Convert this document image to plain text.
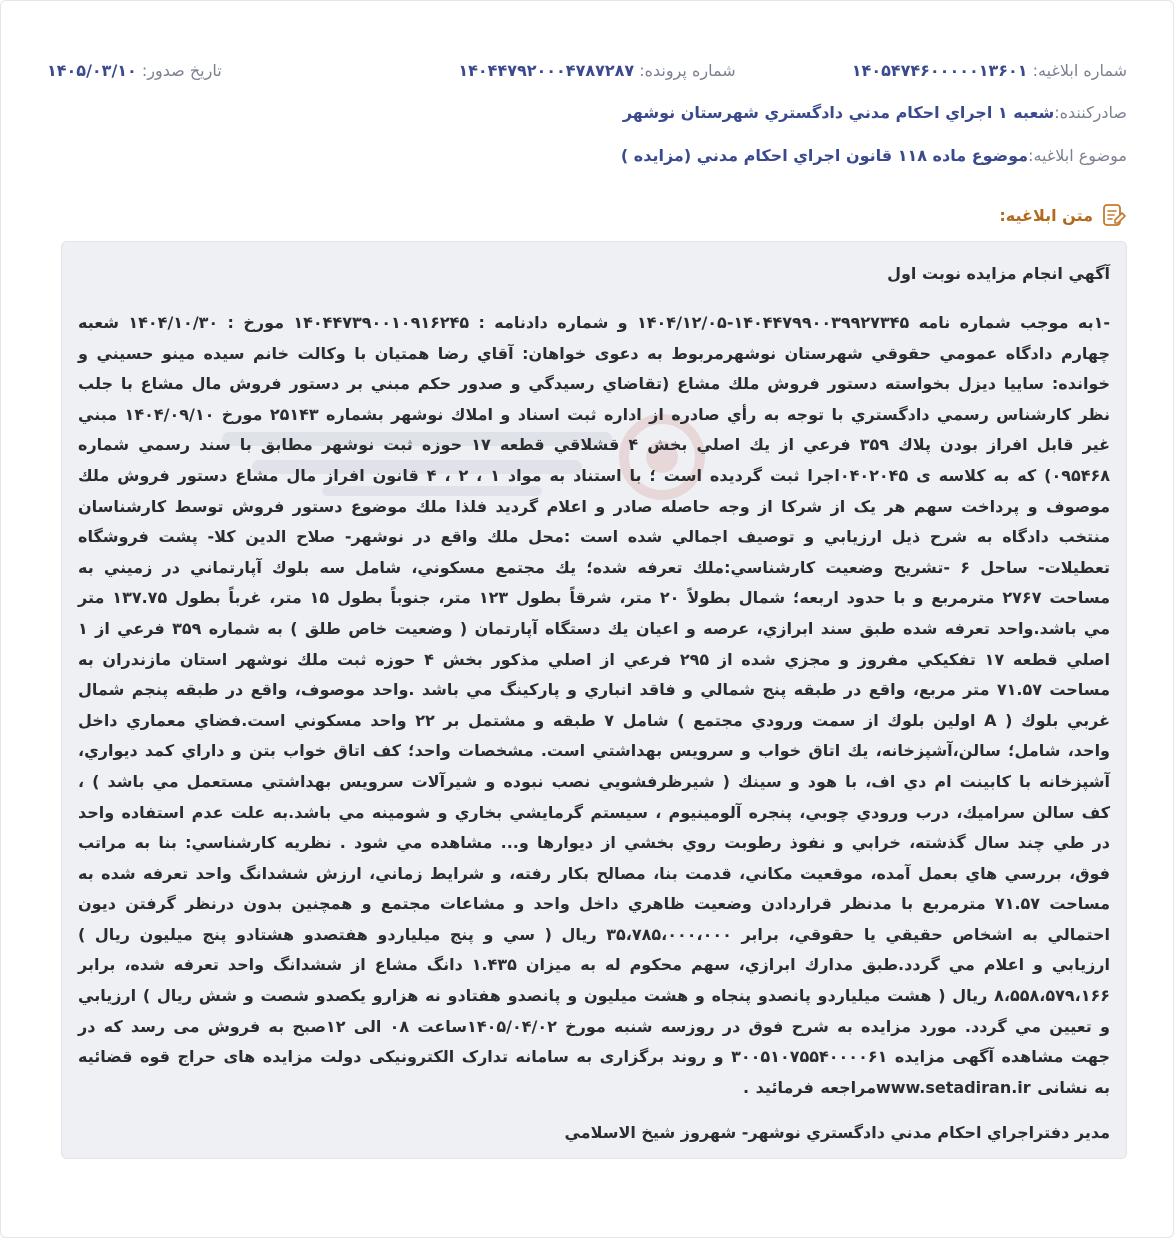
شماره ابلاغيه: ۱۴۰۵۴۷۴۶۰۰۰۰۰۱۳۶۰۱
شماره پرونده: ۱۴۰۴۴۷۹۲۰۰۰۴۷۸۷۲۸۷
تاريخ صدور: ۱۴۰۵/۰۳/۱۰
صادرکننده:
شعبه ۱ اجراي احکام مدني دادگستري شهرستان نوشهر
موضوع ابلاغيه:
موضوع ماده ۱۱۸ قانون اجراي احکام مدني (مزايده )
متن ابلاغيه:
آگهي انجام مزايده نوبت اول

-۱به موجب شماره نامه ۱۴۰۴۴۷۹۹۰۰۳۹۹۲۷۳۴۵-۱۴۰۴/۱۲/۰۵ و شماره دادنامه : ۱۴۰۴۴۷۳۹۰۰۱۰۹۱۶۲۴۵ مورخ : ۱۴۰۴/۱۰/۳۰ شعبه چهارم دادگاه عمومي حقوقي شهرستان نوشهرمربوط به دعوى خواهان: آقاي رضا همتيان با وکالت خانم سيده مينو حسيني و خوانده: ساييا ديزل بخواسته دستور فروش ملك مشاع (تقاضاي رسيدگي و صدور حكم مبني بر دستور فروش مال مشاع با جلب نظر كارشناس رسمي دادگستري با توجه به رأي صادره از اداره ثبت اسناد و املاك نوشهر بشماره ۲۵۱۴۳ مورخ ۱۴۰۴/۰۹/۱۰ مبني غير قابل افراز بودن پلاك ۳۵۹ فرعي از يك اصلي بخش ۴ قشلاقي قطعه ۱۷ حوزه ثبت نوشهر مطابق با سند رسمي شماره ۰۹۵۴۶۸) كه به كلاسه ی ۰۴۰۲۰۴۵اجرا ثبت گرديده است ؛ با استناد به مواد ۱ ، ۲ ، ۴ قانون افراز مال مشاع دستور فروش ملك موصوف و پرداخت سهم هر يک از شركا از وجه حاصله صادر و اعلام گرديد فلذا ملك موضوع دستور فروش توسط كارشناسان منتخب دادگاه به شرح ذيل ارزيابي و توصيف اجمالي شده است :محل ملك واقع در نوشهر- صلاح الدين كلا- پشت فروشگاه تعطيلات- ساحل ۶ -تشريح وضعيت كارشناسي:ملك تعرفه شده؛ يك مجتمع مسكوني، شامل سه بلوك آپارتماني در زميني به مساحت ۲۷۶۷ مترمربع و با حدود اربعه؛ شمال بطولاً ۲۰ متر، شرقاً بطول ۱۲۳ متر، جنوباً بطول ۱۵ متر، غرباً بطول ۱۳۷.۷۵ متر مي باشد.واحد تعرفه شده طبق سند ابرازي، عرصه و اعيان يك دستگاه آپارتمان ( وضعيت خاص طلق ) به شماره ۳۵۹ فرعي از ۱ اصلي قطعه ۱۷ تفكيكي مفروز و مجزي شده از ۲۹۵ فرعي از اصلي مذكور بخش ۴ حوزه ثبت ملك نوشهر استان مازندران به مساحت ۷۱.۵۷ متر مربع، واقع در طبقه پنج شمالي و فاقد انباري و پاركينگ مي باشد .واحد موصوف، واقع در طبقه پنجم شمال غربي بلوك ( A اولين بلوك از سمت ورودي مجتمع ) شامل ۷ طبقه و مشتمل بر ۲۲ واحد مسكوني است.فضاي معماري داخل واحد، شامل؛ سالن،آشپزخانه، يك اتاق خواب و سرويس بهداشتي است. مشخصات واحد؛ كف اتاق خواب بتن و داراي كمد ديواري، آشپزخانه با كابينت ام دي اف، با هود و سينك ( شيرظرفشويي نصب نبوده و شيرآلات سرويس بهداشتي مستعمل مي باشد ) ، كف سالن سراميك، درب ورودي چوبي، پنجره آلومينيوم ، سيستم گرمايشي بخاري و شومينه مي باشد.به علت عدم استفاده واحد در طي چند سال گذشته، خرابي و نفوذ رطوبت روي بخشي از ديوارها و... مشاهده مي شود . نظريه كارشناسي: بنا به مراتب فوق، بررسي هاي بعمل آمده، موقعيت مكاني، قدمت بنا، مصالح بكار رفته، و شرايط زماني، ارزش ششدانگ واحد تعرفه شده به مساحت ۷۱.۵۷ مترمربع با مدنظر قراردادن وضعيت ظاهري داخل واحد و مشاعات مجتمع و همچنين بدون درنظر گرفتن ديون احتمالي به اشخاص حقيقي يا حقوقي، برابر ۳۵،۷۸۵،۰۰۰،۰۰۰ ريال ( سي و پنج ميلياردو هفتصدو هشتادو پنج ميليون ريال ) ارزيابي و اعلام مي گردد.طبق مدارك ابرازي، سهم محكوم له به ميزان ۱.۴۳۵ دانگ مشاع از ششدانگ واحد تعرفه شده، برابر ۸،۵۵۸،۵۷۹،۱۶۶ ريال ( هشت ميلياردو پانصدو پنجاه و هشت ميليون و پانصدو هفتادو نه هزارو يكصدو شصت و شش ريال ) ارزيابي و تعيين مي گردد. مورد مزايده به شرح فوق در روزسه شنبه مورخ ۱۴۰۵/۰۴/۰۲ساعت ۰۸ الی ۱۲صبح به فروش می رسد که در جهت مشاهده آگهی مزایده ۳۰۰۵۱۰۷۵۵۴۰۰۰۰۶۱ و روند برگزاری به سامانه تدارک الکترونیکی دولت مزایده های حراج قوه قضائیه به نشانی www.setadiran.irمراجعه فرمائید .

مدير دفتراجراي احكام مدني دادگستري نوشهر- شهروز شيخ الاسلامي
